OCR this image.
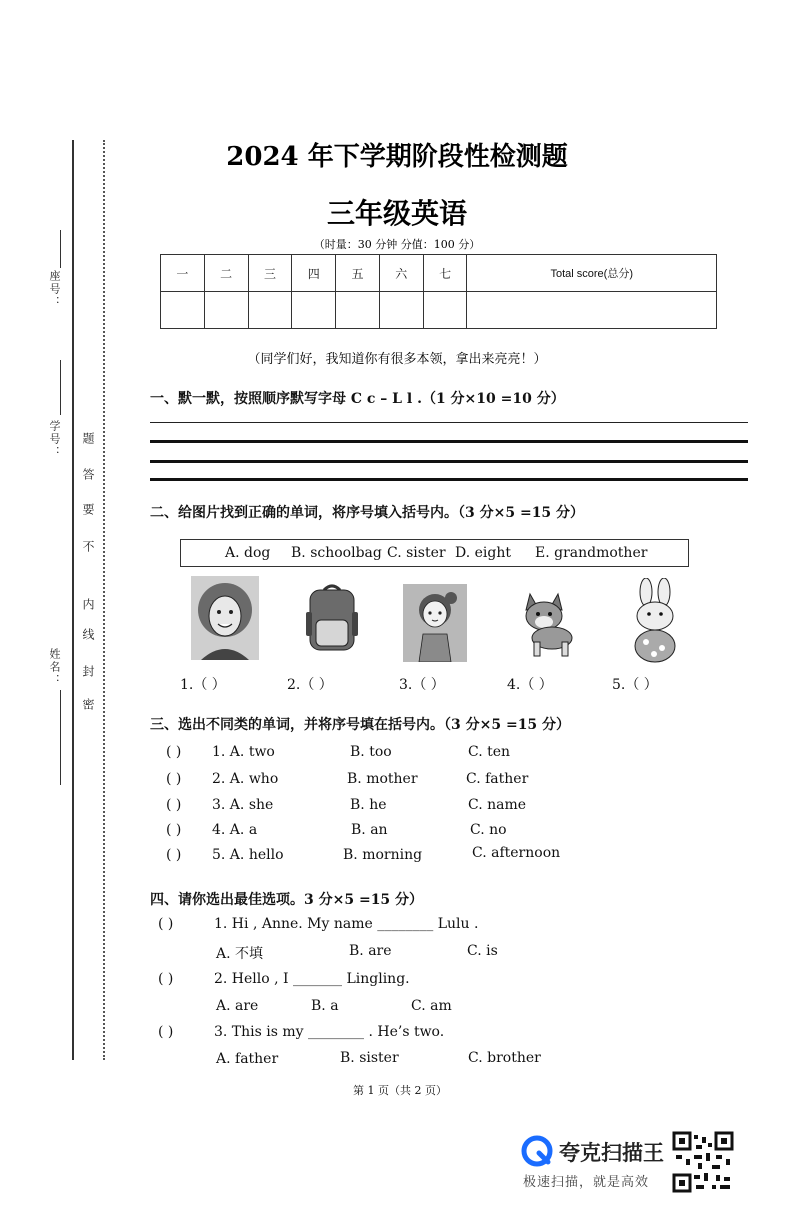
座号：
学号：
姓名：
题
答
要
不
内
线
封
密
2024 年下学期阶段性检测题
三年级英语
（时量：30 分钟 分值：100 分）
一	二	三	四	五	六	七	Total score(总分)

（同学们好，我知道你有很多本领，拿出来亮亮！）
一、默一默，按照顺序默写字母 C c – L l .（1 分×10 =10 分）
二、给图片找到正确的单词，将序号填入括号内。（3 分×5 =15 分）
A. dog B. schoolbag C. sister D. eight E. grandmother
1.（ ）	2.（ ）	3.（ ）	4.（ ）	5.（ ）
三、选出不同类的单词，并将序号填在括号内。（3 分×5 =15 分）
( ) 1. A. two	B. too	C. ten
( ) 2. A. who	B. mother	C. father
( ) 3. A. she	B. he	C. name
( ) 4. A. a	B. an	C. no
( ) 5. A. hello	B. morning	C. afternoon
四、请你选出最佳选项。3 分×5 =15 分）
( )	1. Hi , Anne. My name ________ Lulu .
A. 不填	B. are	C. is
( )	2. Hello , I _______ Lingling.
A. are	B. a	C. am
( )	3. This is my ________ . He’s two.
A. father	B. sister	C. brother
第 1 页（共 2 页）
夸克扫描王
极速扫描，就是高效
